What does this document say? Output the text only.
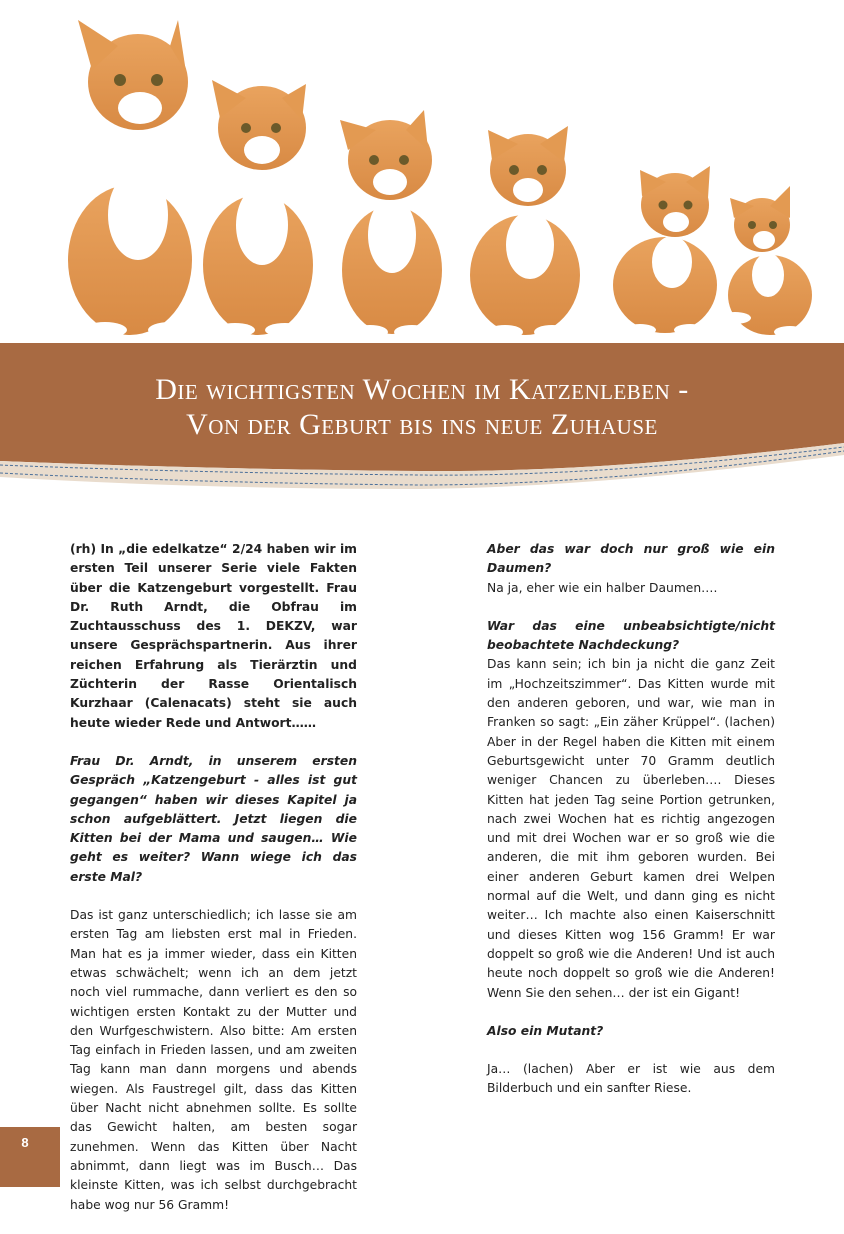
Die wichtigsten Wochen im Katzenleben -
Von der Geburt bis ins neue Zuhause

(rh) In „die edelkatze“ 2/24 haben wir im ersten Teil unserer Serie viele Fakten über die Katzengeburt vorgestellt. Frau Dr. Ruth Arndt, die Obfrau im Zuchtausschuss des 1. DEKZV, war unsere Gesprächspartnerin. Aus ihrer reichen Erfahrung als Tierärztin und Züchterin der Rasse Orientalisch Kurzhaar (Calenacats) steht sie auch heute wieder Rede und Antwort……

Frau Dr. Arndt, in unserem ersten Gespräch „Katzengeburt - alles ist gut gegangen“ haben wir dieses Kapitel ja schon aufgeblättert. Jetzt liegen die Kitten bei der Mama und saugen… Wie geht es weiter? Wann wiege ich das erste Mal?

Das ist ganz unterschiedlich; ich lasse sie am ersten Tag am liebsten erst mal in Frieden. Man hat es ja immer wieder, dass ein Kitten etwas schwächelt; wenn ich an dem jetzt noch viel rummache, dann verliert es den so wichtigen ersten Kontakt zu der Mutter und den Wurfgeschwistern. Also bitte: Am ersten Tag einfach in Frieden lassen, und am zweiten Tag kann man dann morgens und abends wiegen. Als Faustregel gilt, dass das Kitten über Nacht nicht abnehmen sollte. Es sollte das Gewicht halten, am besten sogar zunehmen. Wenn das Kitten über Nacht abnimmt, dann liegt was im Busch… Das kleinste Kitten, was ich selbst durchgebracht habe wog nur 56 Gramm!

Aber das war doch nur groß wie ein Daumen?

Na ja, eher wie ein halber Daumen….

War das eine unbeabsichtigte/nicht beobachtete Nachdeckung?

Das kann sein; ich bin ja nicht die ganz Zeit im „Hochzeitszimmer“. Das Kitten wurde mit den anderen geboren, und war, wie man in Franken so sagt: „Ein zäher Krüppel“. (lachen) Aber in der Regel haben die Kitten mit einem Geburtsgewicht unter 70 Gramm deutlich weniger Chancen zu überleben…. Dieses Kitten hat jeden Tag seine Portion getrunken, nach zwei Wochen hat es richtig angezogen und mit drei Wochen war er so groß wie die anderen, die mit ihm geboren wurden. Bei einer anderen Geburt kamen drei Welpen normal auf die Welt, und dann ging es nicht weiter… Ich machte also einen Kaiserschnitt und dieses Kitten wog 156 Gramm! Er war doppelt so groß wie die Anderen! Und ist auch heute noch doppelt so groß wie die Anderen! Wenn Sie den sehen… der ist ein Gigant!

Also ein Mutant?

Ja… (lachen) Aber er ist wie aus dem Bilderbuch und ein sanfter Riese.

8
